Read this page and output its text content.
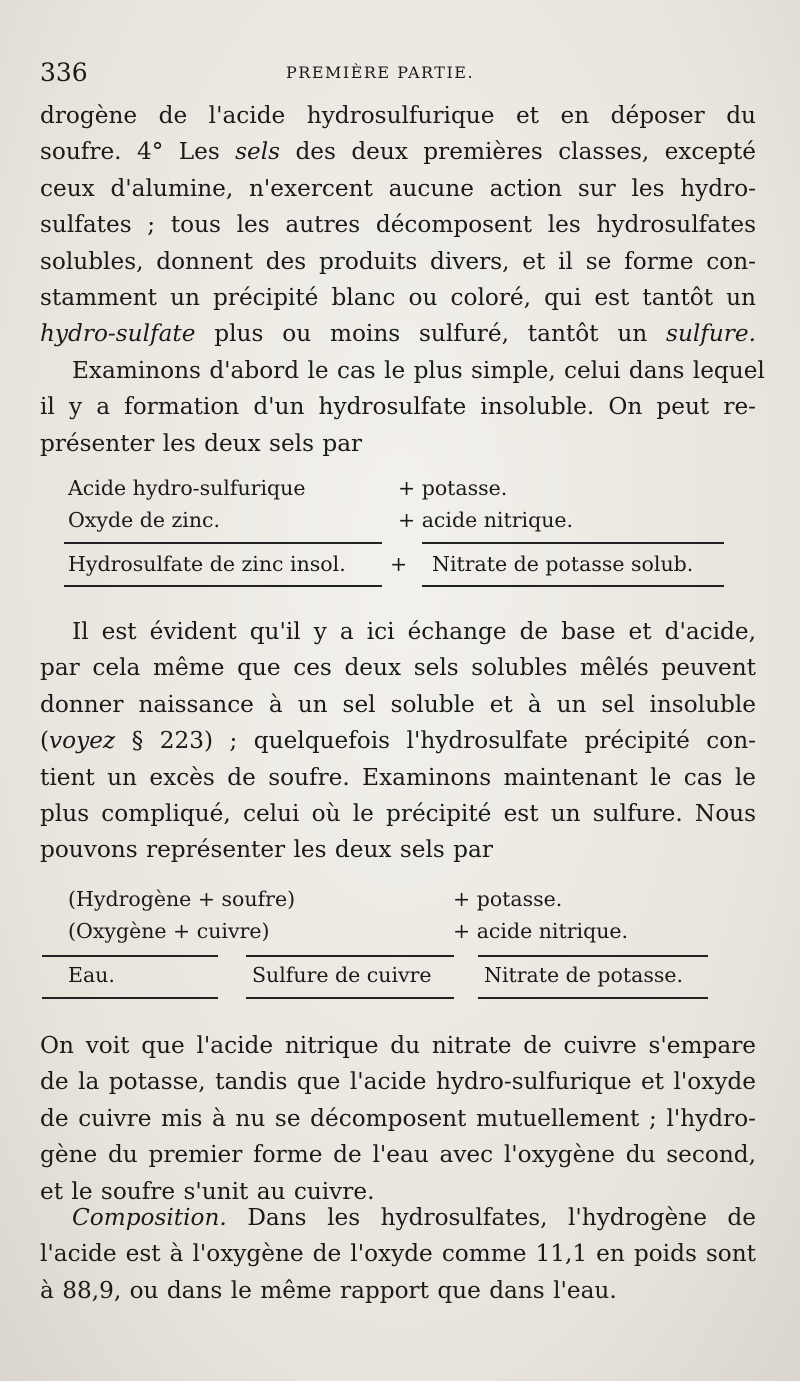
336	PREMIÈRE PARTIE.
drogène de l'acide hydrosulfurique et en déposer du
soufre. 4° Les sels des deux premières classes, excepté
ceux d'alumine, n'exercent aucune action sur les hydro-
sulfates ; tous les autres décomposent les hydrosulfates
solubles, donnent des produits divers, et il se forme con-
stamment un précipité blanc ou coloré, qui est tantôt un
hydro-sulfate plus ou moins sulfuré, tantôt un sulfure.
Examinons d'abord le cas le plus simple, celui dans lequel
il y a formation d'un hydrosulfate insoluble. On peut re-
présenter les deux sels par
Acide hydro-sulfurique	+ potasse.
Oxyde de zinc.	+ acide nitrique.
Hydrosulfate de zinc insol. + Nitrate de potasse solub.
Il est évident qu'il y a ici échange de base et d'acide,
par cela même que ces deux sels solubles mêlés peuvent
donner naissance à un sel soluble et à un sel insoluble
(voyez § 223) ; quelquefois l'hydrosulfate précipité con-
tient un excès de soufre. Examinons maintenant le cas le
plus compliqué, celui où le précipité est un sulfure. Nous
pouvons représenter les deux sels par
(Hydrogène + soufre)	+ potasse.
(Oxygène + cuivre)	+ acide nitrique.
Eau.	Sulfure de cuivre	Nitrate de potasse.
On voit que l'acide nitrique du nitrate de cuivre s'empare
de la potasse, tandis que l'acide hydro-sulfurique et l'oxyde
de cuivre mis à nu se décomposent mutuellement ; l'hydro-
gène du premier forme de l'eau avec l'oxygène du second,
et le soufre s'unit au cuivre.
Composition. Dans les hydrosulfates, l'hydrogène de
l'acide est à l'oxygène de l'oxyde comme 11,1 en poids sont
à 88,9, ou dans le même rapport que dans l'eau.
